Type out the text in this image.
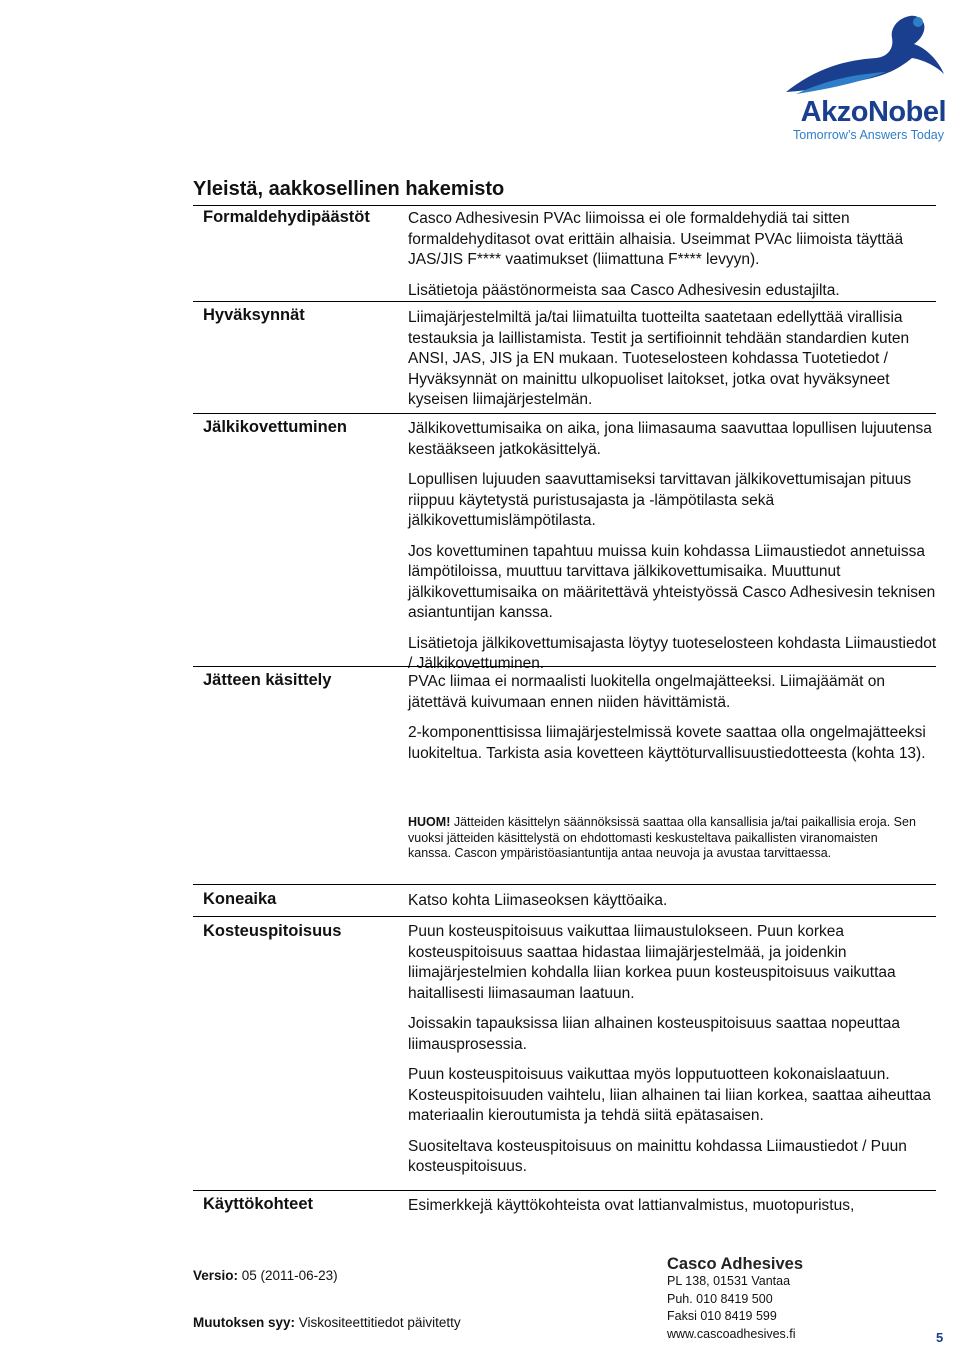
AkzoNobel
Tomorrow’s Answers Today
Yleistä, aakkosellinen hakemisto
Formaldehydipäästöt Casco Adhesivesin PVAc liimoissa ei ole formaldehydiä tai sitten formaldehyditasot ovat erittäin alhaisia. Useimmat PVAc liimoista täyttää JAS/JIS F**** vaatimukset (liimattuna F**** levyyn).

Lisätietoja päästönormeista saa Casco Adhesivesin edustajilta.

Hyväksynnät	Liimajärjestelmiltä ja/tai liimatuilta tuotteilta saatetaan edellyttää virallisia testauksia ja laillistamista. Testit ja sertifioinnit tehdään standardien kuten ANSI, JAS, JIS ja EN mukaan. Tuoteselosteen kohdassa Tuotetiedot / Hyväksynnät on mainittu ulkopuoliset laitokset, jotka ovat hyväksyneet kyseisen liimajärjestelmän.

Jälkikovettuminen	Jälkikovettumisaika on aika, jona liimasauma saavuttaa lopullisen lujuutensa kestääkseen jatkokäsittelyä.

Lopullisen lujuuden saavuttamiseksi tarvittavan jälkikovettumisajan pituus riippuu käytetystä puristusajasta ja -lämpötilasta sekä jälkikovettumislämpötilasta.

Jos kovettuminen tapahtuu muissa kuin kohdassa Liimaustiedot annetuissa lämpötiloissa, muuttuu tarvittava jälkikovettumisaika. Muuttunut jälkikovettumisaika on määritettävä yhteistyössä Casco Adhesivesin teknisen asiantuntijan kanssa.

Lisätietoja jälkikovettumisajasta löytyy tuoteselosteen kohdasta Liimaustiedot / Jälkikovettuminen.

Jätteen käsittely	PVAc liimaa ei normaalisti luokitella ongelmajätteeksi. Liimajäämät on jätettävä kuivumaan ennen niiden hävittämistä.

2-komponenttisissa liimajärjestelmissä kovete saattaa olla ongelmajätteeksi luokiteltua. Tarkista asia kovetteen käyttöturvallisuustiedotteesta (kohta 13).

HUOM! Jätteiden käsittelyn säännöksissä saattaa olla kansallisia ja/tai paikallisia eroja. Sen vuoksi jätteiden käsittelystä on ehdottomasti keskusteltava paikallisten viranomaisten kanssa. Cascon ympäristöasiantuntija antaa neuvoja ja avustaa tarvittaessa.
Koneaika	Katso kohta Liimaseoksen käyttöaika.

Kosteuspitoisuus	Puun kosteuspitoisuus vaikuttaa liimaustulokseen. Puun korkea kosteuspitoisuus saattaa hidastaa liimajärjestelmää, ja joidenkin liimajärjestelmien kohdalla liian korkea puun kosteuspitoisuus vaikuttaa haitallisesti liimasauman laatuun.

Joissakin tapauksissa liian alhainen kosteuspitoisuus saattaa nopeuttaa liimausprosessia.

Puun kosteuspitoisuus vaikuttaa myös lopputuotteen kokonaislaatuun. Kosteuspitoisuuden vaihtelu, liian alhainen tai liian korkea, saattaa aiheuttaa materiaalin kieroutumista ja tehdä siitä epätasaisen.

Suositeltava kosteuspitoisuus on mainittu kohdassa Liimaustiedot / Puun kosteuspitoisuus.

Käyttökohteet	Esimerkkejä käyttökohteista ovat lattianvalmistus, muotopuristus,

Versio: 05 (2011-06-23)
Muutoksen syy: Viskositeettitiedot päivitetty
Casco Adhesives
PL 138, 01531 Vantaa
Puh. 010 8419 500
Faksi 010 8419 599
www.cascoadhesives.fi	5
